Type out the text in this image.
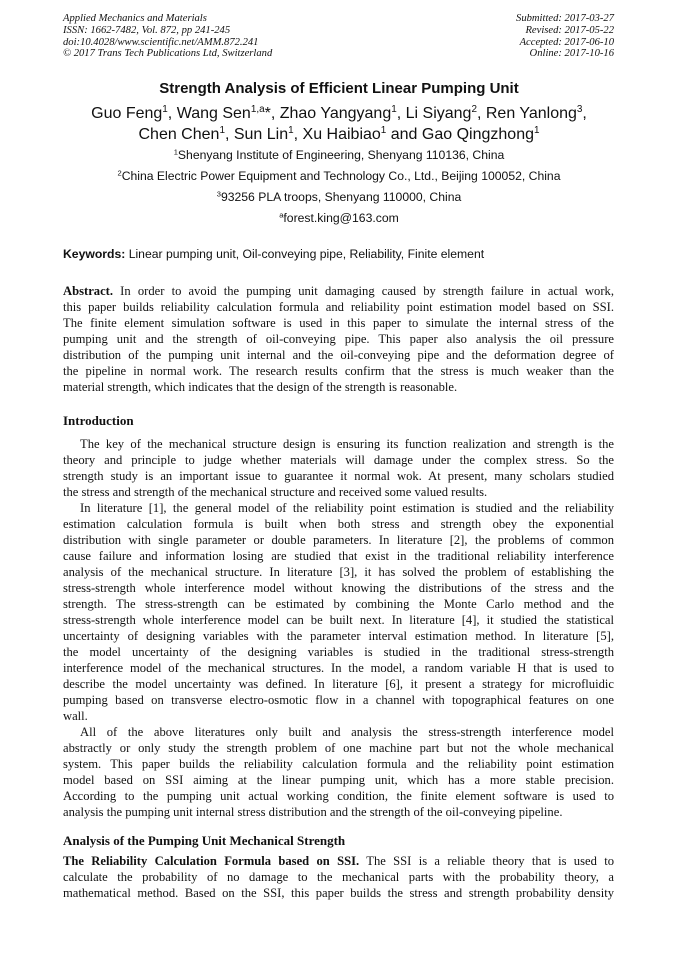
Applied Mechanics and Materials
ISSN: 1662-7482, Vol. 872, pp 241-245
doi:10.4028/www.scientific.net/AMM.872.241
© 2017 Trans Tech Publications Ltd, Switzerland
Submitted: 2017-03-27
Revised: 2017-05-22
Accepted: 2017-06-10
Online: 2017-10-16
Strength Analysis of Efficient Linear Pumping Unit
Guo Feng$^1$, Wang Sen$^{1,a}$*, Zhao Yangyang$^1$, Li Siyang$^2$, Ren Yanlong$^3$,
Chen Chen$^1$, Sun Lin$^1$, Xu Haibiao$^1$ and Gao Qingzhong$^1$
$^1$Shenyang Institute of Engineering, Shenyang 110136, China
$^2$China Electric Power Equipment and Technology Co., Ltd., Beijing 100052, China
$^3$93256 PLA troops, Shenyang 110000, China
$^a$forest.king@163.com
Keywords: Linear pumping unit, Oil-conveying pipe, Reliability, Finite element
Abstract. In order to avoid the pumping unit damaging caused by strength failure in actual work,
this paper builds reliability calculation formula and reliability point estimation model based on SSI.
The finite element simulation software is used in this paper to simulate the internal stress of the
pumping unit and the strength of oil-conveying pipe. This paper also analysis the oil pressure
distribution of the pumping unit internal and the oil-conveying pipe and the deformation degree of
the pipeline in normal work. The research results confirm that the stress is much weaker than the
material strength, which indicates that the design of the strength is reasonable.
Introduction
The key of the mechanical structure design is ensuring its function realization and strength is the
theory and principle to judge whether materials will damage under the complex stress. So the
strength study is an important issue to guarantee it normal wok. At present, many scholars studied
the stress and strength of the mechanical structure and received some valued results.
In literature [1], the general model of the reliability point estimation is studied and the reliability
estimation calculation formula is built when both stress and strength obey the exponential
distribution with single parameter or double parameters. In literature [2], the problems of common
cause failure and information losing are studied that exist in the traditional reliability interference
analysis of the mechanical structure. In literature [3], it has solved the problem of establishing the
stress-strength whole interference model without knowing the distributions of the stress and the
strength. The stress-strength can be estimated by combining the Monte Carlo method and the
stress-strength whole interference model can be built next. In literature [4], it studied the statistical
uncertainty of designing variables with the parameter interval estimation method. In literature [5],
the model uncertainty of the designing variables is studied in the traditional stress-strength
interference model of the mechanical structures. In the model, a random variable H that is used to
describe the model uncertainty was defined. In literature [6], it present a strategy for microfluidic
pumping based on transverse electro-osmotic flow in a channel with topographical features on one
wall.
All of the above literatures only built and analysis the stress-strength interference model
abstractly or only study the strength problem of one machine part but not the whole mechanical
system. This paper builds the reliability calculation formula and the reliability point estimation
model based on SSI aiming at the linear pumping unit, which has a more stable precision.
According to the pumping unit actual working condition, the finite element software is used to
analysis the pumping unit internal stress distribution and the strength of the oil-conveying pipeline.
Analysis of the Pumping Unit Mechanical Strength
The Reliability Calculation Formula based on SSI. The SSI is a reliable theory that is used to
calculate the probability of no damage to the mechanical parts with the probability theory, a
mathematical method. Based on the SSI, this paper builds the stress and strength probability density
